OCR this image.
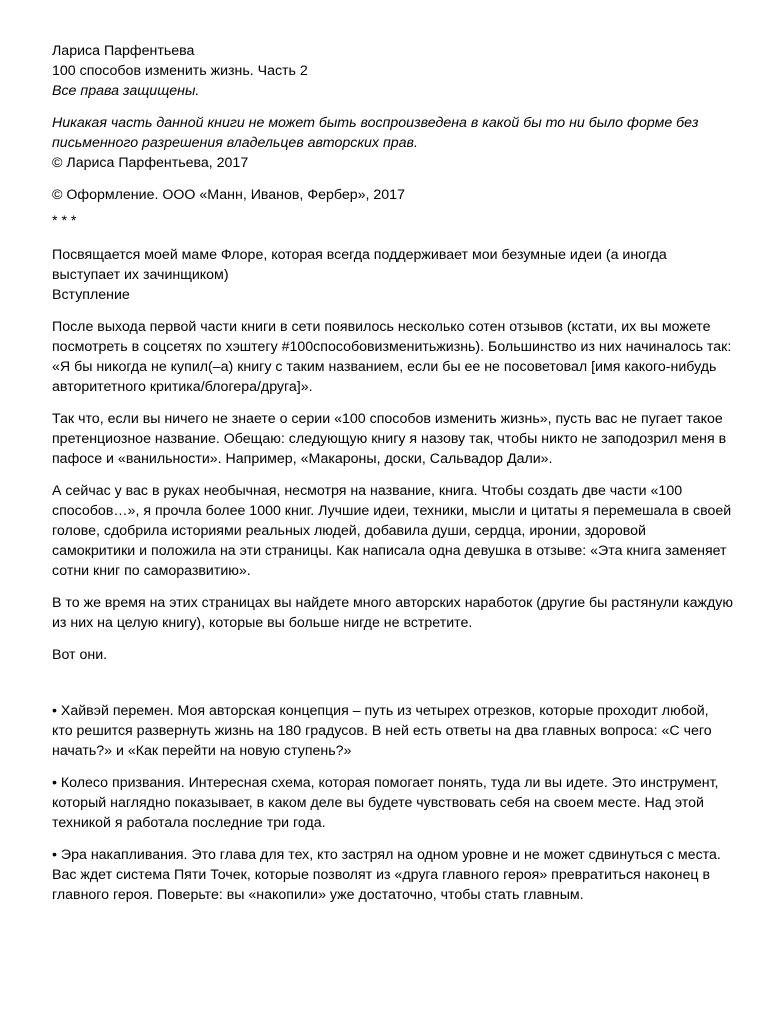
Лариса Парфентьева

100 способов изменить жизнь. Часть 2

Все права защищены.

Никакая часть данной книги не может быть воспроизведена в какой бы то ни было форме без

письменного разрешения владельцев авторских прав.

© Лариса Парфентьева, 2017

© Оформление. ООО «Манн, Иванов, Фербер», 2017

* * *

Посвящается моей маме Флоре, которая всегда поддерживает мои безумные идеи (а иногда

выступает их зачинщиком)

Вступление

После выхода первой части книги в сети появилось несколько сотен отзывов (кстати, их вы можете

посмотреть в соцсетях по хэштегу #100способовизменитьжизнь). Большинство из них начиналось так:

«Я бы никогда не купил(–а) книгу с таким названием, если бы ее не посоветовал [имя какого-нибудь

авторитетного критика/блогера/друга]».

Так что, если вы ничего не знаете о серии «100 способов изменить жизнь», пусть вас не пугает такое

претенциозное название. Обещаю: следующую книгу я назову так, чтобы никто не заподозрил меня в

пафосе и «ванильности». Например, «Макароны, доски, Сальвадор Дали».

А сейчас у вас в руках необычная, несмотря на название, книга. Чтобы создать две части «100

способов…», я прочла более 1000 книг. Лучшие идеи, техники, мысли и цитаты я перемешала в своей

голове, сдобрила историями реальных людей, добавила души, сердца, иронии, здоровой

самокритики и положила на эти страницы. Как написала одна девушка в отзыве: «Эта книга заменяет

сотни книг по саморазвитию».

В то же время на этих страницах вы найдете много авторских наработок (другие бы растянули каждую

из них на целую книгу), которые вы больше нигде не встретите.

Вот они.

• Хайвэй перемен. Моя авторская концепция – путь из четырех отрезков, которые проходит любой,

кто решится развернуть жизнь на 180 градусов. В ней есть ответы на два главных вопроса: «С чего

начать?» и «Как перейти на новую ступень?»

• Колесо призвания. Интересная схема, которая помогает понять, туда ли вы идете. Это инструмент,

который наглядно показывает, в каком деле вы будете чувствовать себя на своем месте. Над этой

техникой я работала последние три года.

• Эра накапливания. Это глава для тех, кто застрял на одном уровне и не может сдвинуться с места.

Вас ждет система Пяти Точек, которые позволят из «друга главного героя» превратиться наконец в

главного героя. Поверьте: вы «накопили» уже достаточно, чтобы стать главным.
